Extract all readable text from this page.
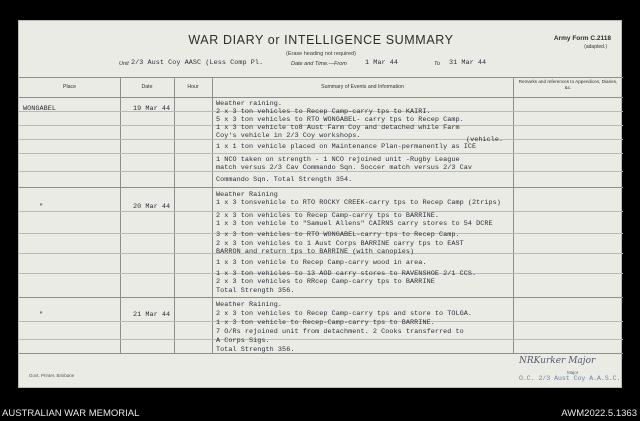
WAR DIARY or INTELLIGENCE SUMMARY
(Erase heading not required)
Army Form C.2118
(adapted.)
Unit 2/3 Aust Coy AASC (Less Comp Pl.	Date and Time.—From	1 Mar 44	To 31 Mar 44
Place	Date	Hour	Summary of Events and Information
Remarks and references to Appendices, Diaries, &c.
WONGABEL	19 Mar 44
Weather raining.
2 x 3 ton vehicles to Recep Camp-carry tps to KAIRI.
5 x 3 ton vehicles to RTO WONGABEL- carry tps to Recep Camp.
1 x 3 ton vehicle to8 Aust Farm Coy and detached while Farm
Coy's vehicle in 2/3 Coy workshops.	(vehicle.
1 x 1 ton vehicle placed on Maintenance Plan-permanently as ICE
1 NCO taken on strength - 1 NCO rejoined unit -Rugby League
match versus 2/3 Cav Commando Sqn. Soccer match versus 2/3 Cav
Commando Sqn. Total Strength 354.
"	20 Mar 44
Weather Raining
1 x 3 tonsvehicle to RTO ROCKY CREEK-carry tps to Recep Camp (2trips)
2 x 3 ton vehicles to Recep Camp-carry tps to BARRINE.
1 x 3 ton vehicle to "Samuel Allens" CAIRNS carry stores to 54 DCRE
3 x 3 ton vehicles to RTO WONGABEL-carry tps to Recep Camp.
2 x 3 ton vehicles to 1 Aust Corps BARRINE carry tps to EAST
BARRON and return tps to BARRINE (with canopies)
1 x 3 ton vehicle to Recep Camp-carry wood in area.
1 x 3 ton vehicles to 13 AOD carry stores to RAVENSHOE 2/1 CCS.
2 x 3 ton vehicles to RRcep Camp-carry tps to BARRINE
Total Strength 356.
"	21 Mar 44
Weather Raining.
2 x 3 ton vehicles to Recep Camp-carry tps and store to TOLGA.
1 x 3 ton vehicle to Recep-Camp-carry tps to BARRINE.
7 O/Rs rejoined unit from detachment. 2 Cooks transferred to
A Corps Sigs.
Total Strength 356.
Govt. Printer, Brisbane
NRKurker Major
Major
O.C. 2/3 Aust Coy A.A.S.C.
AUSTRALIAN WAR MEMORIAL	AWM2022.5.1363
